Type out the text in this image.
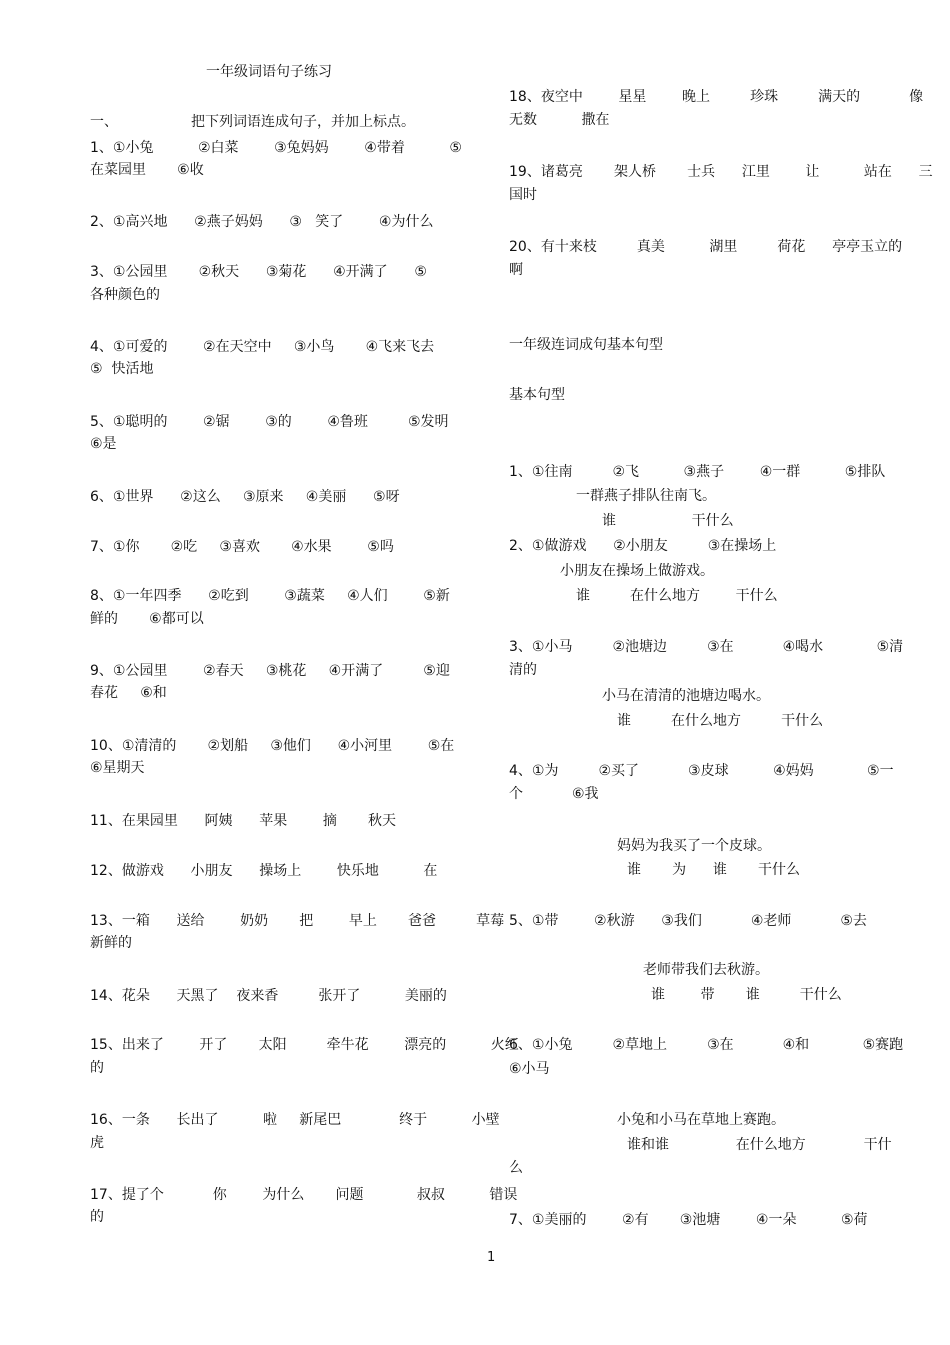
一年级词语句子练习
一、	把下列词语连成句子，并加上标点。
1、①小兔          ②白菜        ③兔妈妈        ④带着          ⑤
在菜园里       ⑥收
2、①高兴地      ②燕子妈妈      ③   笑了        ④为什么
3、①公园里       ②秋天      ③菊花      ④开满了      ⑤
各种颜色的
4、①可爱的        ②在天空中     ③小鸟       ④飞来飞去
⑤  快活地
5、①聪明的        ②锯        ③的        ④鲁班         ⑤发明
⑥是
6、①世界      ②这么     ③原来     ④美丽      ⑤呀
7、①你       ②吃     ③喜欢       ④水果        ⑤吗
8、①一年四季      ②吃到        ③蔬菜     ④人们        ⑤新
鲜的       ⑥都可以
9、①公园里        ②春天     ③桃花     ④开满了         ⑤迎
春花     ⑥和
10、①清清的       ②划船     ③他们      ④小河里        ⑤在
⑥星期天
11、在果园里      阿姨      苹果        摘       秋天
12、做游戏      小朋友      操场上        快乐地          在
13、一箱      送给        奶奶       把        早上       爸爸         草莓
新鲜的
14、花朵      天黑了    夜来香         张开了          美丽的
15、出来了        开了       太阳         牵牛花        漂亮的          火红
的
16、一条      长出了          啦     新尾巴             终于          小壁
虎
17、提了个           你        为什么       问题            叔叔          错误
的
18、夜空中        星星        晚上         珍珠         满天的           像
无数          撒在
19、诸葛亮       架人桥       士兵      江里        让          站在      三
国时
20、有十来枝         真美          湖里         荷花      亭亭玉立的
啊
一年级连词成句基本句型
基本句型
1、①往南         ②飞          ③燕子        ④一群          ⑤排队
一群燕子排队往南飞。
谁                 干什么
2、①做游戏      ②小朋友         ③在操场上
小朋友在操场上做游戏。
谁         在什么地方        干什么
3、①小马         ②池塘边         ③在           ④喝水            ⑤清
清的
小马在清清的池塘边喝水。
谁         在什么地方         干什么
4、①为         ②买了           ③皮球          ④妈妈            ⑤一
个           ⑥我
妈妈为我买了一个皮球。
谁       为      谁       干什么
5、①带        ②秋游      ③我们           ④老师           ⑤去
老师带我们去秋游。
谁        带       谁         干什么
6、①小兔         ②草地上         ③在           ④和            ⑤赛跑
⑥小马
小兔和小马在草地上赛跑。
谁和谁               在什么地方             干什
么
7、①美丽的        ②有       ③池塘        ④一朵          ⑤荷
1
